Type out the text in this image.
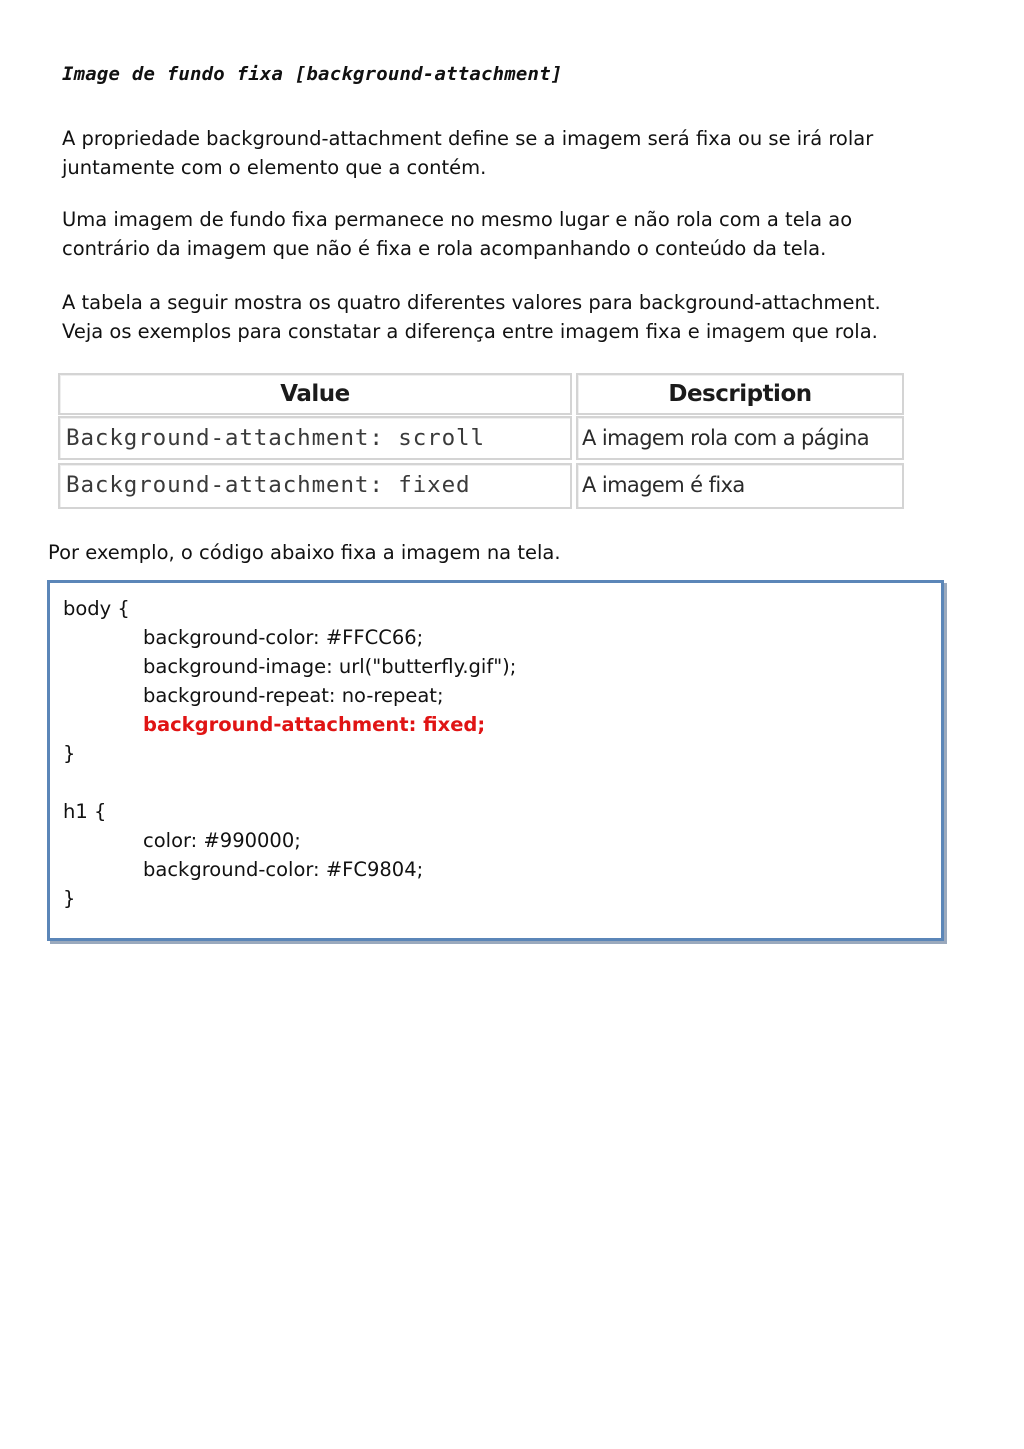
Image de fundo fixa [background-attachment]

A propriedade background-attachment define se a imagem será fixa ou se irá rolar
juntamente com o elemento que a contém.

Uma imagem de fundo fixa permanece no mesmo lugar e não rola com a tela ao
contrário da imagem que não é fixa e rola acompanhando o conteúdo da tela.

A tabela a seguir mostra os quatro diferentes valores para background-attachment.
Veja os exemplos para constatar a diferença entre imagem fixa e imagem que rola.

Value	Description
Background-attachment: scroll	A imagem rola com a página
Background-attachment: fixed	A imagem é fixa
Por exemplo, o código abaixo fixa a imagem na tela.
body {
background-color: #FFCC66;
background-image: url("butterfly.gif");
background-repeat: no-repeat;
background-attachment: fixed;
}
h1 {
color: #990000;
background-color: #FC9804;
}
